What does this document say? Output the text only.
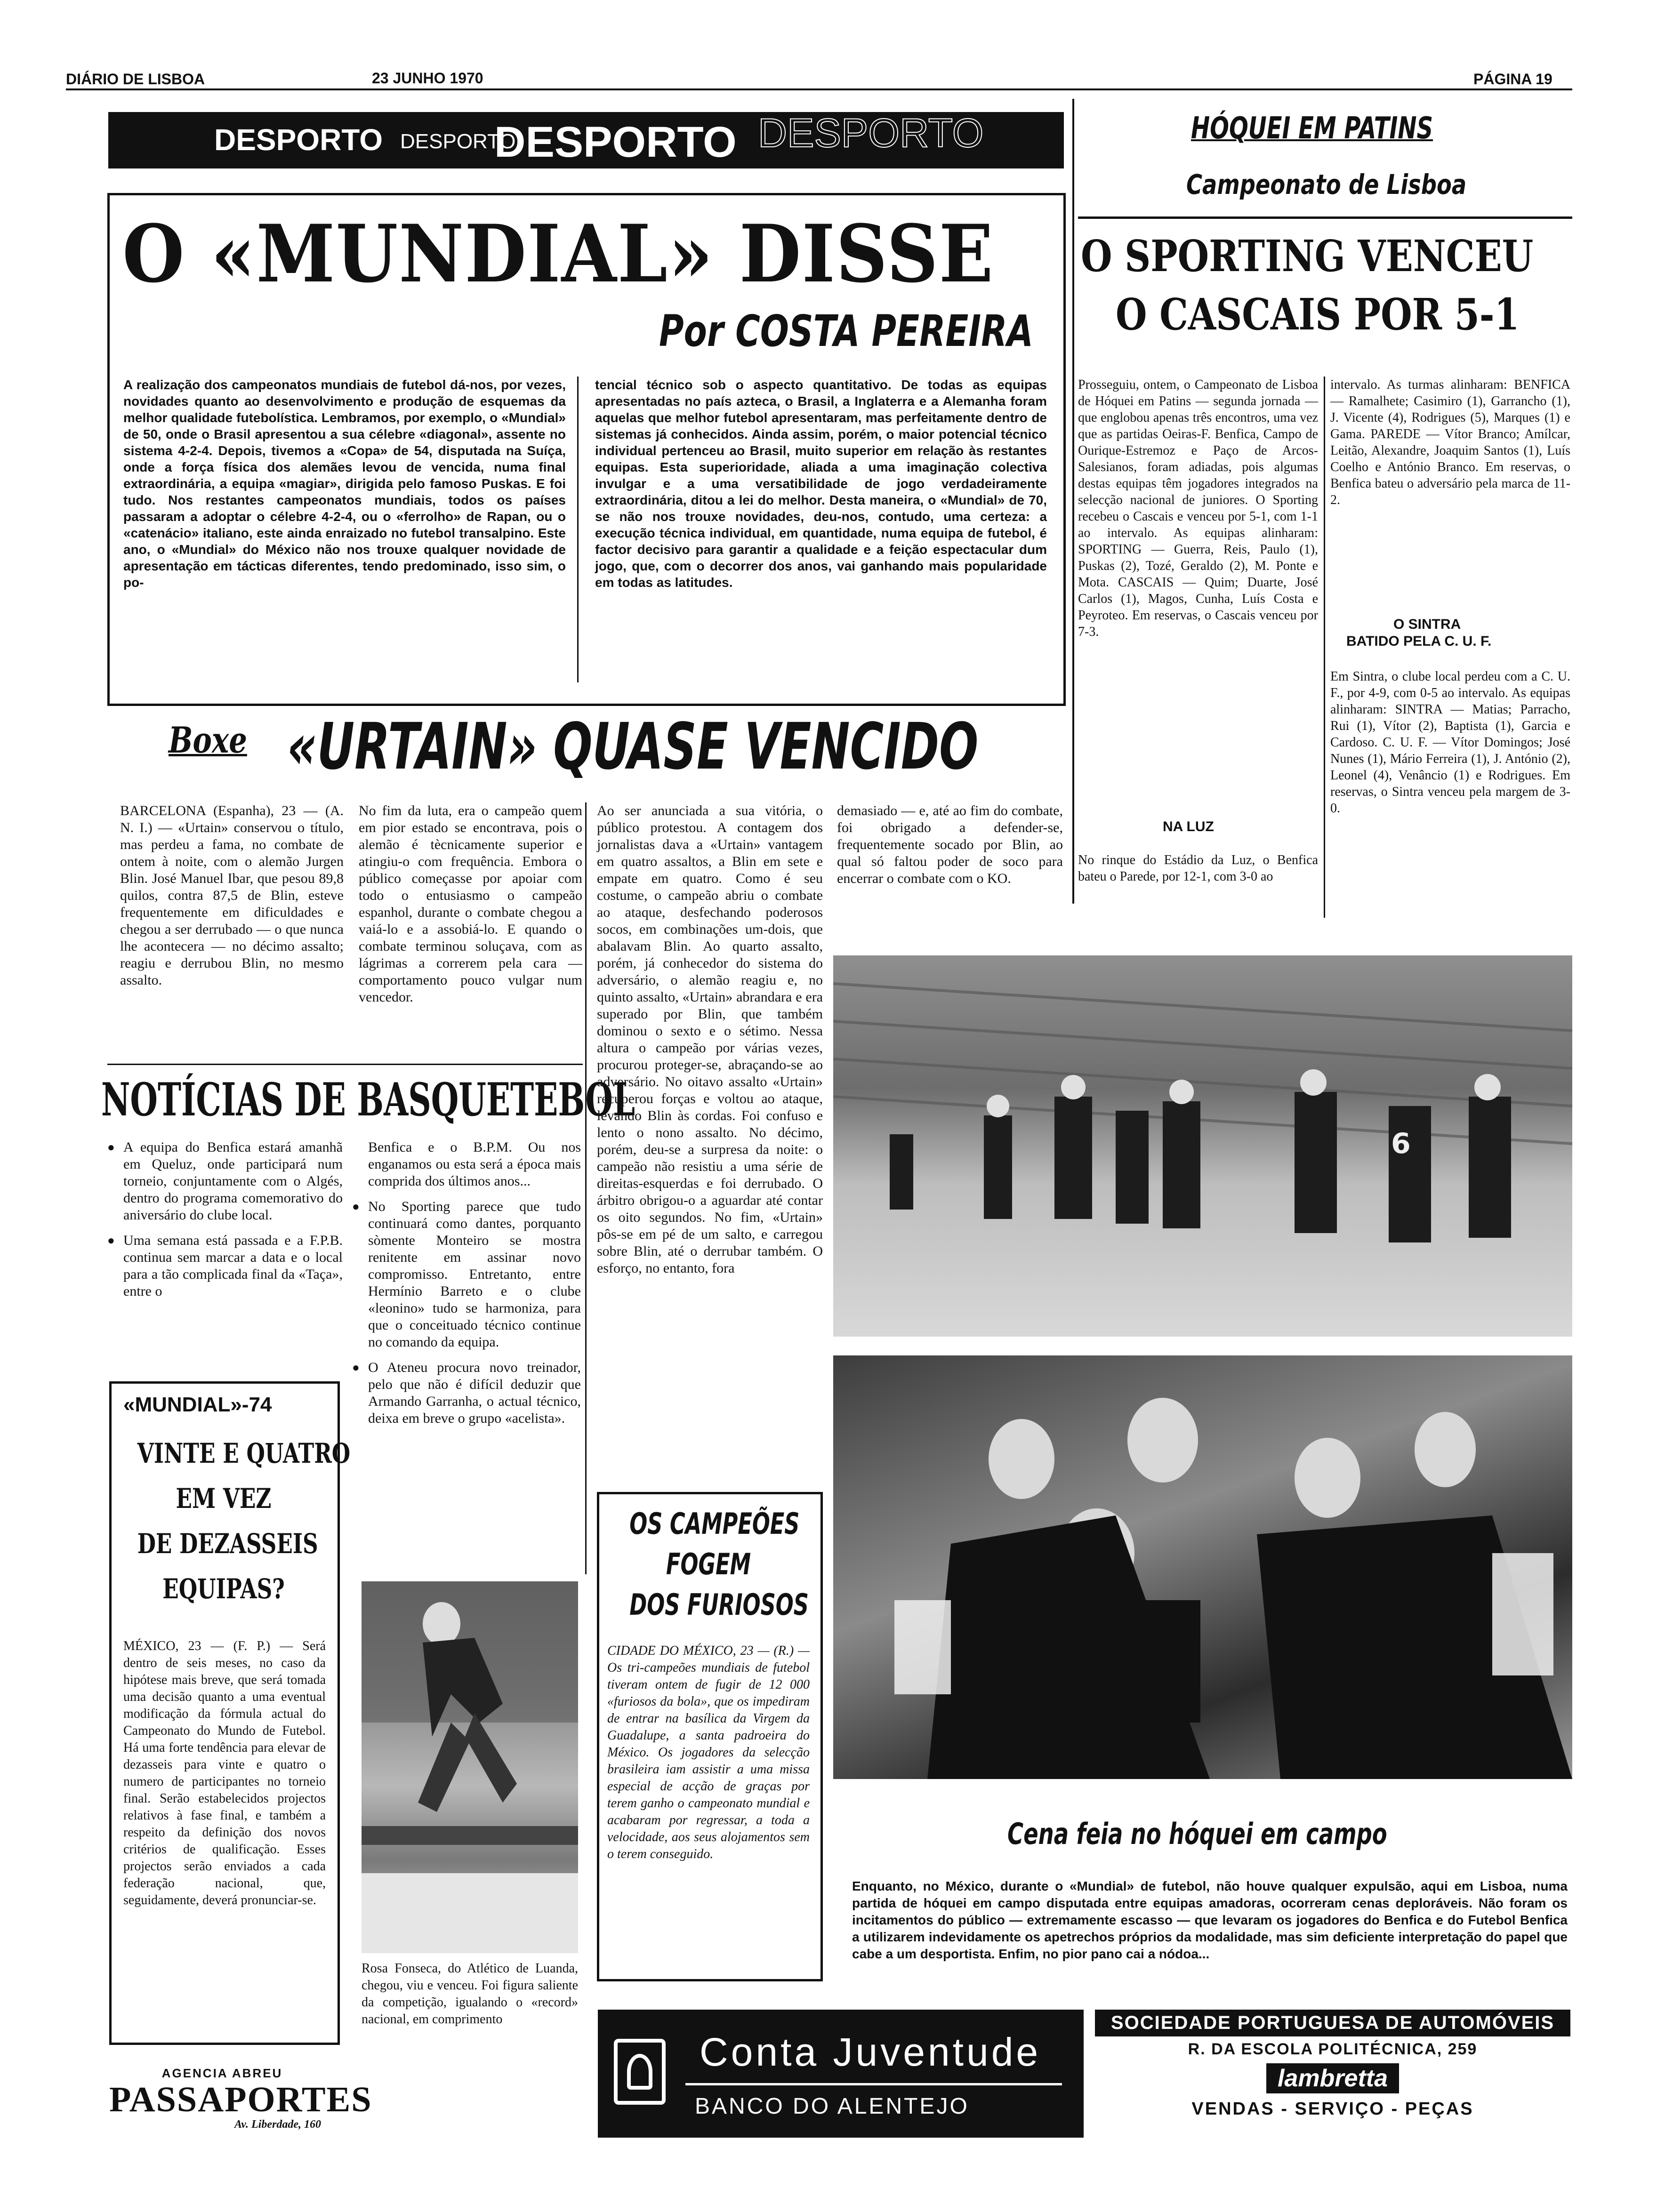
DIÁRIO DE LISBOA	23 JUNHO 1970	PÁGINA 19
DESPORTO DESPORTO
DESPORTO DESPORTO
O «MUNDIAL» DISSE
Por COSTA PEREIRA
A realização dos campeonatos mundiais de futebol dá-nos, por vezes, novidades quanto ao desenvolvimento e produção de esquemas da melhor qualidade futebolística. Lembramos, por exemplo, o «Mundial» de 50, onde o Brasil apresentou a sua célebre «diagonal», assente no sistema 4-2-4. Depois, tivemos a «Copa» de 54, disputada na Suíça, onde a força física dos alemães levou de vencida, numa final extraordinária, a equipa «magiar», dirigida pelo famoso Puskas. E foi tudo. Nos restantes campeonatos mundiais, todos os países passaram a adoptar o célebre 4-2-4, ou o «ferrolho» de Rapan, ou o «catenácio» italiano, este ainda enraizado no futebol transalpino. Este ano, o «Mundial» do México não nos trouxe qualquer novidade de apresentação em tácticas diferentes, tendo predominado, isso sim, o po-
tencial técnico sob o aspecto quantitativo. De todas as equipas apresentadas no país azteca, o Brasil, a Inglaterra e a Alemanha foram aquelas que melhor futebol apresentaram, mas perfeitamente dentro de sistemas já conhecidos. Ainda assim, porém, o maior potencial técnico individual pertenceu ao Brasil, muito superior em relação às restantes equipas. Esta superioridade, aliada a uma imaginação colectiva invulgar e a uma versatibilidade de jogo verdadeiramente extraordinária, ditou a lei do melhor. Desta maneira, o «Mundial» de 70, se não nos trouxe novidades, deu-nos, contudo, uma certeza: a execução técnica individual, em quantidade, numa equipa de futebol, é factor decisivo para garantir a qualidade e a feição espectacular dum jogo, que, com o decorrer dos anos, vai ganhando mais popularidade em todas as latitudes.
HÓQUEI EM PATINS
Campeonato de Lisboa
O SPORTING VENCEU
O CASCAIS POR 5-1
Prosseguiu, ontem, o Campeonato de Lisboa de Hóquei em Patins — segunda jornada — que englobou apenas três encontros, uma vez que as partidas Oeiras-F. Benfica, Campo de Ourique-Estremoz e Paço de Arcos-Salesianos, foram adiadas, pois algumas destas equipas têm jogadores integrados na selecção nacional de juniores. O Sporting recebeu o Cascais e venceu por 5-1, com 1-1 ao intervalo. As equipas alinharam: SPORTING — Guerra, Reis, Paulo (1), Puskas (2), Tozé, Geraldo (2), M. Ponte e Mota. CASCAIS — Quim; Duarte, José Carlos (1), Magos, Cunha, Luís Costa e Peyroteo. Em reservas, o Cascais venceu por 7-3.
NA LUZ
No rinque do Estádio da Luz, o Benfica bateu o Parede, por 12-1, com 3-0 ao
intervalo. As turmas alinharam: BENFICA — Ramalhete; Casimiro (1), Garrancho (1), J. Vicente (4), Rodrigues (5), Marques (1) e Gama. PAREDE — Vítor Branco; Amílcar, Leitão, Alexandre, Joaquim Santos (1), Luís Coelho e António Branco. Em reservas, o Benfica bateu o adversário pela marca de 11-2.
O SINTRA
BATIDO PELA C. U. F.
Em Sintra, o clube local perdeu com a C. U. F., por 4-9, com 0-5 ao intervalo. As equipas alinharam: SINTRA — Matias; Parracho, Rui (1), Vítor (2), Baptista (1), Garcia e Cardoso. C. U. F. — Vítor Domingos; José Nunes (1), Mário Ferreira (1), J. António (2), Leonel (4), Venâncio (1) e Rodrigues. Em reservas, o Sintra venceu pela margem de 3-0.
Boxe «URTAIN» QUASE VENCIDO
BARCELONA (Espanha), 23 — (A. N. I.) — «Urtain» conservou o título, mas perdeu a fama, no combate de ontem à noite, com o alemão Jurgen Blin. José Manuel Ibar, que pesou 89,8 quilos, contra 87,5 de Blin, esteve frequentemente em dificuldades e chegou a ser derrubado — o que nunca lhe acontecera — no décimo assalto; reagiu e derrubou Blin, no mesmo assalto.
No fim da luta, era o campeão quem em pior estado se encontrava, pois o alemão é tècnicamente superior e atingiu-o com frequência. Embora o público começasse por apoiar com todo o entusiasmo o campeão espanhol, durante o combate chegou a vaiá-lo e a assobiá-lo. E quando o combate terminou soluçava, com as lágrimas a correrem pela cara — comportamento pouco vulgar num vencedor.
Ao ser anunciada a sua vitória, o público protestou. A contagem dos jornalistas dava a «Urtain» vantagem em quatro assaltos, a Blin em sete e empate em quatro. Como é seu costume, o campeão abriu o combate ao ataque, desfechando poderosos socos, em combinações um-dois, que abalavam Blin. Ao quarto assalto, porém, já conhecedor do sistema do adversário, o alemão reagiu e, no quinto assalto, «Urtain» abrandara e era superado por Blin, que também dominou o sexto e o sétimo. Nessa altura o campeão por várias vezes, procurou proteger-se, abraçando-se ao adversário. No oitavo assalto «Urtain» recuperou forças e voltou ao ataque, levando Blin às cordas. Foi confuso e lento o nono assalto. No décimo, porém, deu-se a surpresa da noite: o campeão não resistiu a uma série de direitas-esquerdas e foi derrubado. O árbitro obrigou-o a aguardar até contar os oito segundos. No fim, «Urtain» pôs-se em pé de um salto, e carregou sobre Blin, até o derrubar também. O esforço, no entanto, fora
demasiado — e, até ao fim do combate, foi obrigado a defender-se, frequentemente socado por Blin, ao qual só faltou poder de soco para encerrar o combate com o KO.
NOTÍCIAS DE BASQUETEBOL
● A equipa do Benfica estará amanhã em Queluz, onde participará num torneio, conjuntamente com o Algés, dentro do programa comemorativo do aniversário do clube local.
● Uma semana está passada e a F.P.B. continua sem marcar a data e o local para a tão complicada final da «Taça», entre o
Benfica e o B.P.M. Ou nos enganamos ou esta será a época mais comprida dos últimos anos...
● No Sporting parece que tudo continuará como dantes, porquanto sòmente Monteiro se mostra renitente em assinar novo compromisso. Entretanto, entre Hermínio Barreto e o clube «leonino» tudo se harmoniza, para que o conceituado técnico continue no comando da equipa.
● O Ateneu procura novo treinador, pelo que não é difícil deduzir que Armando Garranha, o actual técnico, deixa em breve o grupo «acelista».
«MUNDIAL»-74
VINTE E QUATRO
EM VEZ
DE DEZASSEIS
EQUIPAS?
MÉXICO, 23 — (F. P.) — Será dentro de seis meses, no caso da hipótese mais breve, que será tomada uma decisão quanto a uma eventual modificação da fórmula actual do Campeonato do Mundo de Futebol. Há uma forte tendência para elevar de dezasseis para vinte e quatro o numero de participantes no torneio final. Serão estabelecidos projectos relativos à fase final, e também a respeito da definição dos novos critérios de qualificação. Esses projectos serão enviados a cada federação nacional, que, seguidamente, deverá pronunciar-se.
Rosa Fonseca, do Atlético de Luanda, chegou, viu e venceu. Foi figura saliente da competição, igualando o «record» nacional, em comprimento
OS CAMPEÕES
FOGEM
DOS FURIOSOS
CIDADE DO MÉXICO, 23 — (R.) — Os tri-campeões mundiais de futebol tiveram ontem de fugir de 12 000 «furiosos da bola», que os impediram de entrar na basílica da Virgem da Guadalupe, a santa padroeira do México. Os jogadores da selecção brasileira iam assistir a uma missa especial de acção de graças por terem ganho o campeonato mundial e acabaram por regressar, a toda a velocidade, aos seus alojamentos sem o terem conseguido.
6
Cena feia no hóquei em campo
Enquanto, no México, durante o «Mundial» de futebol, não houve qualquer expulsão, aqui em Lisboa, numa partida de hóquei em campo disputada entre equipas amadoras, ocorreram cenas deploráveis. Não foram os incitamentos do público — extremamente escasso — que levaram os jogadores do Benfica e do Futebol Benfica a utilizarem indevidamente os apetrechos próprios da modalidade, mas sim deficiente interpretação do papel que cabe a um desportista. Enfim, no pior pano cai a nódoa...
AGENCIA ABREU
PASSAPORTES
Av. Liberdade, 160
Conta Juventude
BANCO DO ALENTEJO
SOCIEDADE PORTUGUESA DE AUTOMÓVEIS
R. DA ESCOLA POLITÉCNICA, 259
lambretta
VENDAS - SERVIÇO - PEÇAS
